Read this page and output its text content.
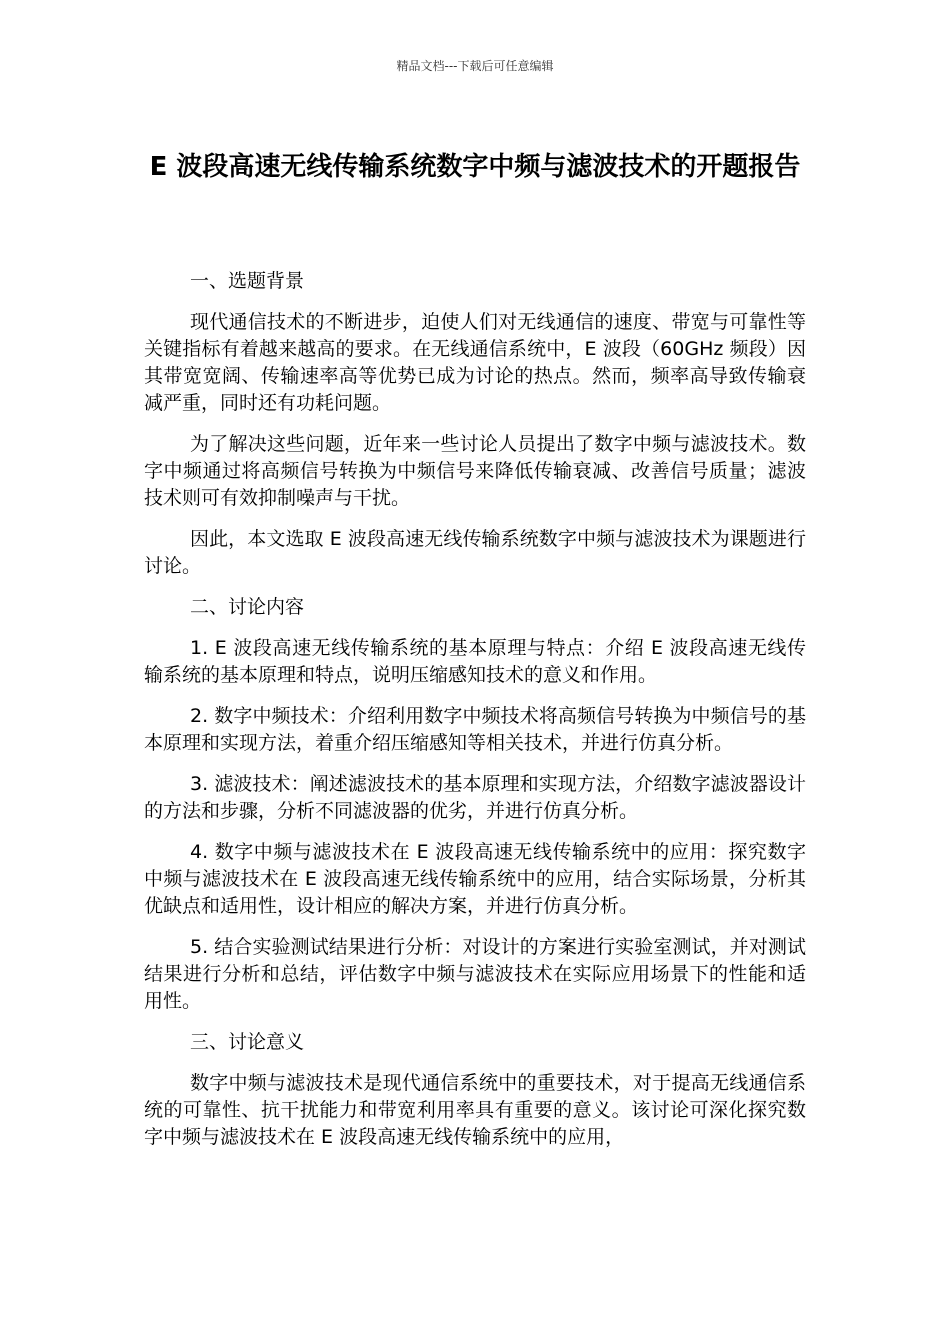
精品文档---下载后可任意编辑
E 波段高速无线传输系统数字中频与滤波技术的开题报告

一、选题背景

现代通信技术的不断进步，迫使人们对无线通信的速度、带宽与可靠性等关键指标有着越来越高的要求。在无线通信系统中，E 波段（60GHz 频段）因其带宽宽阔、传输速率高等优势已成为讨论的热点。然而，频率高导致传输衰减严重，同时还有功耗问题。

为了解决这些问题，近年来一些讨论人员提出了数字中频与滤波技术。数字中频通过将高频信号转换为中频信号来降低传输衰减、改善信号质量；滤波技术则可有效抑制噪声与干扰。

因此，本文选取 E 波段高速无线传输系统数字中频与滤波技术为课题进行讨论。

二、讨论内容

1. E 波段高速无线传输系统的基本原理与特点：介绍 E 波段高速无线传输系统的基本原理和特点，说明压缩感知技术的意义和作用。

2. 数字中频技术：介绍利用数字中频技术将高频信号转换为中频信号的基本原理和实现方法，着重介绍压缩感知等相关技术，并进行仿真分析。

3. 滤波技术：阐述滤波技术的基本原理和实现方法，介绍数字滤波器设计的方法和步骤，分析不同滤波器的优劣，并进行仿真分析。

4. 数字中频与滤波技术在 E 波段高速无线传输系统中的应用：探究数字中频与滤波技术在 E 波段高速无线传输系统中的应用，结合实际场景，分析其优缺点和适用性，设计相应的解决方案，并进行仿真分析。

5. 结合实验测试结果进行分析：对设计的方案进行实验室测试，并对测试结果进行分析和总结，评估数字中频与滤波技术在实际应用场景下的性能和适用性。

三、讨论意义

数字中频与滤波技术是现代通信系统中的重要技术，对于提高无线通信系统的可靠性、抗干扰能力和带宽利用率具有重要的意义。该讨论可深化探究数字中频与滤波技术在 E 波段高速无线传输系统中的应用，
